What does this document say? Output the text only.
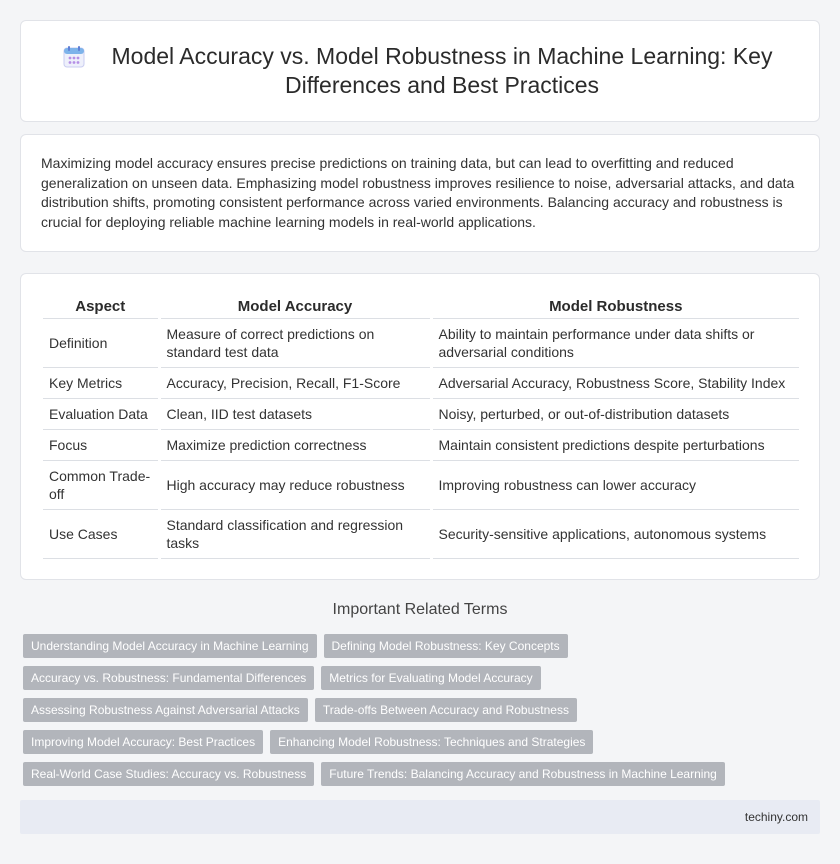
Model Accuracy vs. Model Robustness in Machine Learning: Key Differences and Best Practices

Maximizing model accuracy ensures precise predictions on training data, but can lead to overfitting and reduced generalization on unseen data. Emphasizing model robustness improves resilience to noise, adversarial attacks, and data distribution shifts, promoting consistent performance across varied environments. Balancing accuracy and robustness is crucial for deploying reliable machine learning models in real-world applications.

Aspect	Model Accuracy	Model Robustness
Definition	Measure of correct predictions on standard test data	Ability to maintain performance under data shifts or adversarial conditions
Key Metrics	Accuracy, Precision, Recall, F1-Score	Adversarial Accuracy, Robustness Score, Stability Index
Evaluation Data	Clean, IID test datasets	Noisy, perturbed, or out-of-distribution datasets
Focus	Maximize prediction correctness	Maintain consistent predictions despite perturbations
Common Trade-off	High accuracy may reduce robustness	Improving robustness can lower accuracy
Use Cases	Standard classification and regression tasks	Security-sensitive applications, autonomous systems
Important Related Terms
Understanding Model Accuracy in Machine Learning	Defining Model Robustness: Key Concepts
Accuracy vs. Robustness: Fundamental Differences	Metrics for Evaluating Model Accuracy
Assessing Robustness Against Adversarial Attacks	Trade-offs Between Accuracy and Robustness
Improving Model Accuracy: Best Practices	Enhancing Model Robustness: Techniques and Strategies
Real-World Case Studies: Accuracy vs. Robustness	Future Trends: Balancing Accuracy and Robustness in Machine Learning
techiny.com
